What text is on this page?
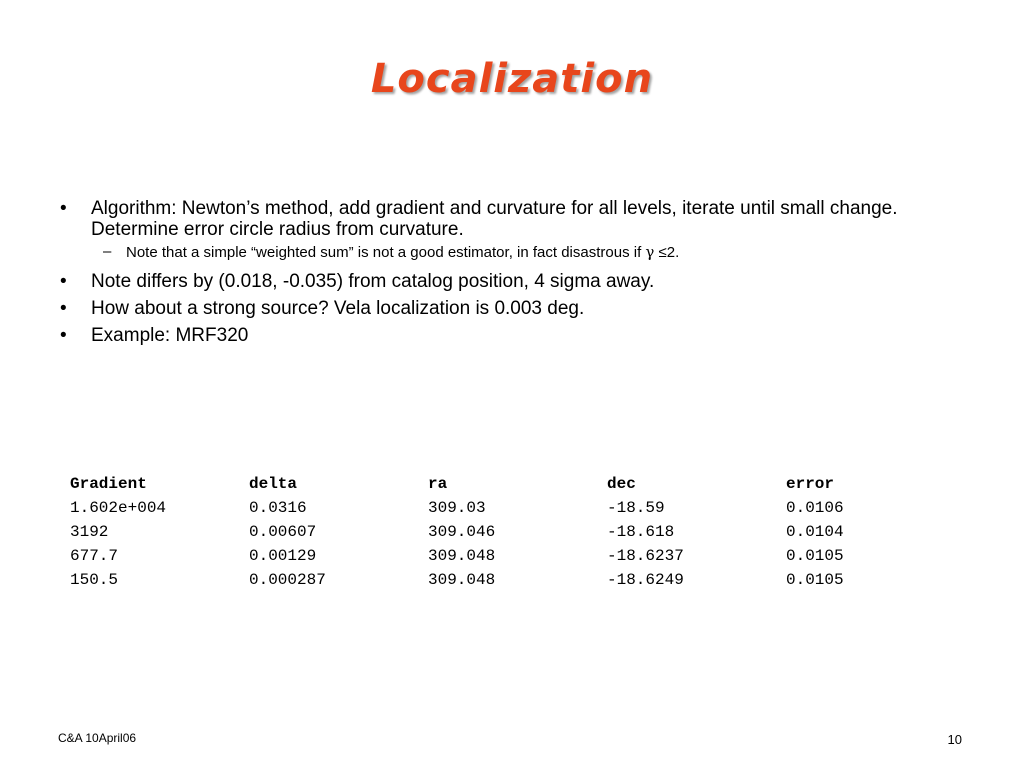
Localization
• Algorithm: Newton’s method, add gradient and curvature for all levels, iterate until small change. Determine error circle radius from curvature.
– Note that a simple “weighted sum” is not a good estimator, in fact disastrous if γ ≤2.
• Note differs by (0.018, -0.035) from catalog position, 4 sigma away.
• How about a strong source? Vela localization is 0.003 deg.
• Example: MRF320
Gradient	delta	ra	dec	error
1.602e+004	0.0316	309.03	-18.59	0.0106
3192	0.00607	309.046	-18.618	0.0104
677.7	0.00129	309.048	-18.6237	0.0105
150.5	0.000287	309.048	-18.6249	0.0105
C&A 10April06	10
